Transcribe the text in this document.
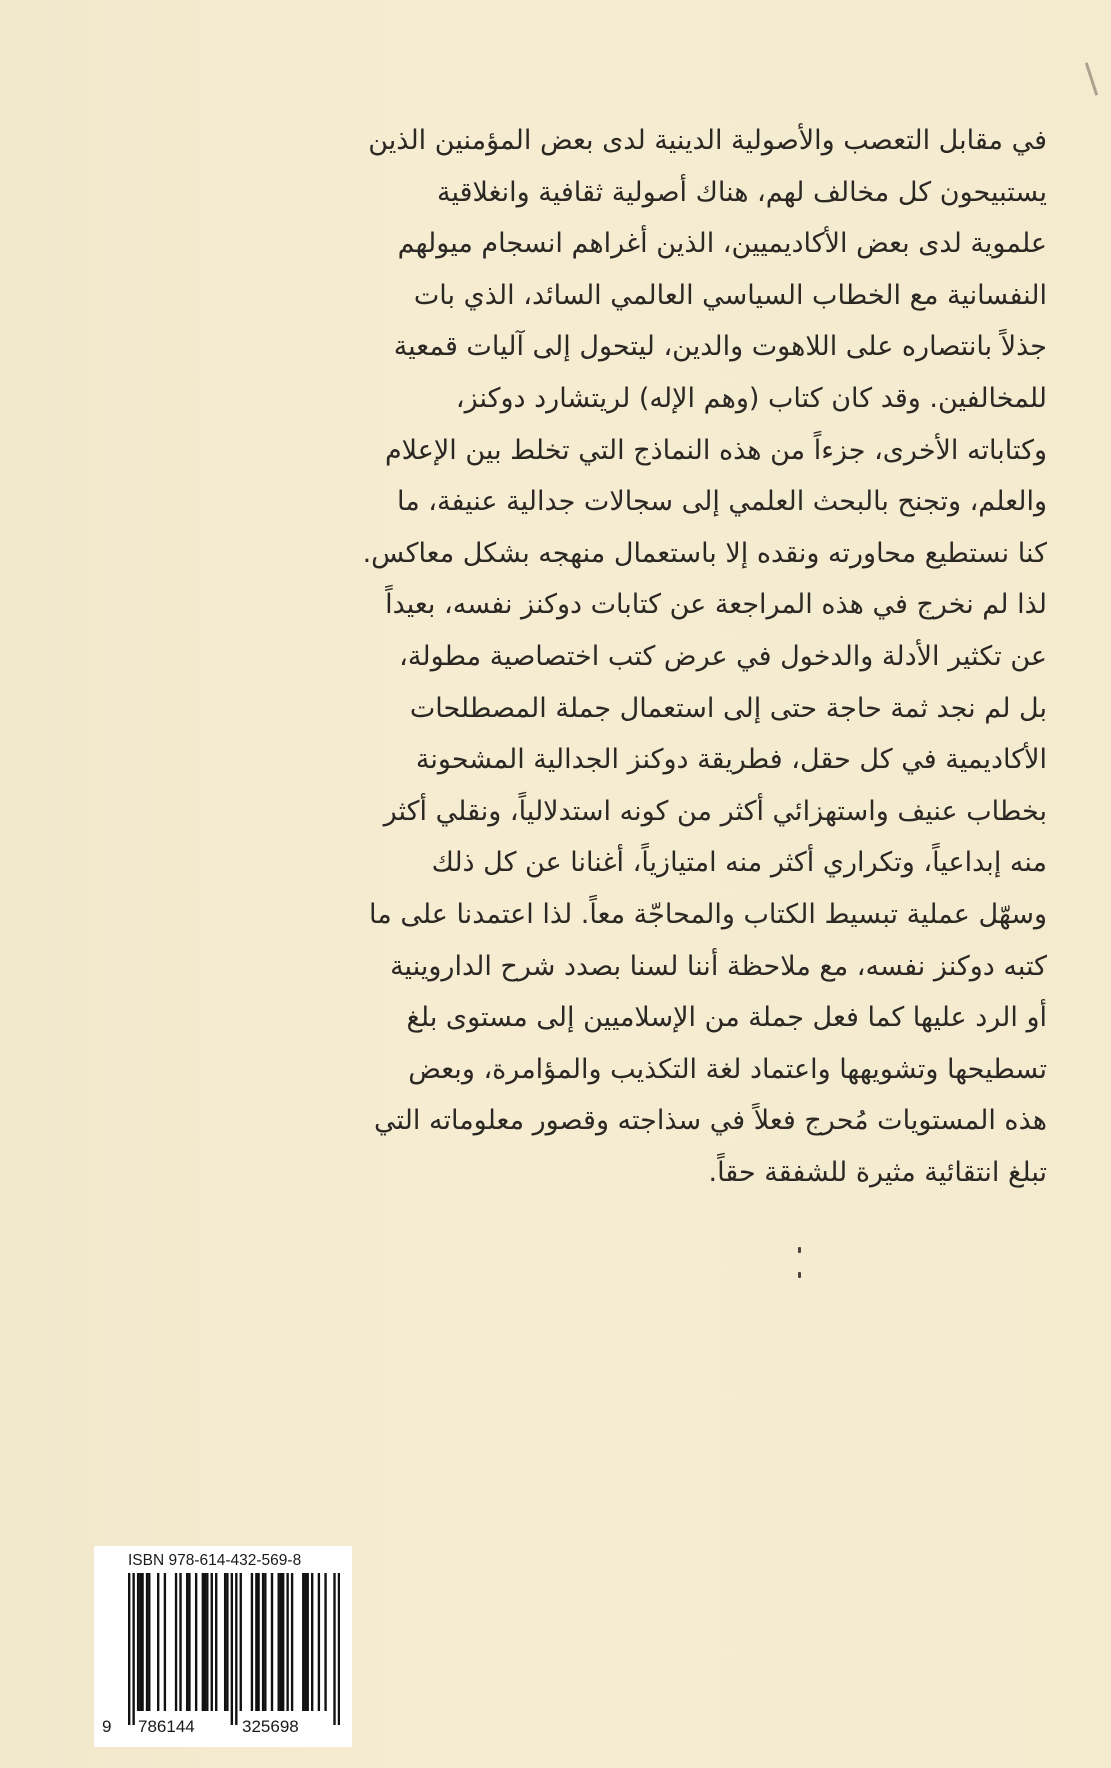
في مقابل التعصب والأصولية الدينية لدى بعض المؤمنين الذين
يستبيحون كل مخالف لهم، هناك أصولية ثقافية وانغلاقية
علموية لدى بعض الأكاديميين، الذين أغراهم انسجام ميولهم
النفسانية مع الخطاب السياسي العالمي السائد، الذي بات
جذلاً بانتصاره على اللاهوت والدين، ليتحول إلى آليات قمعية
للمخالفين. وقد كان كتاب (وهم الإله) لريتشارد دوكنز،
وكتاباته الأخرى، جزءاً من هذه النماذج التي تخلط بين الإعلام
والعلم، وتجنح بالبحث العلمي إلى سجالات جدالية عنيفة، ما
كنا نستطيع محاورته ونقده إلا باستعمال منهجه بشكل معاكس.
لذا لم نخرج في هذه المراجعة عن كتابات دوكنز نفسه، بعيداً
عن تكثير الأدلة والدخول في عرض كتب اختصاصية مطولة،
بل لم نجد ثمة حاجة حتى إلى استعمال جملة المصطلحات
الأكاديمية في كل حقل، فطريقة دوكنز الجدالية المشحونة
بخطاب عنيف واستهزائي أكثر من كونه استدلالياً، ونقلي أكثر
منه إبداعياً، وتكراري أكثر منه امتيازياً، أغنانا عن كل ذلك
وسهّل عملية تبسيط الكتاب والمحاجّة معاً. لذا اعتمدنا على ما
كتبه دوكنز نفسه، مع ملاحظة أننا لسنا بصدد شرح الداروينية
أو الرد عليها كما فعل جملة من الإسلاميين إلى مستوى بلغ
تسطيحها وتشويهها واعتماد لغة التكذيب والمؤامرة، وبعض
هذه المستويات مُحرج فعلاً في سذاجته وقصور معلوماته التي
تبلغ انتقائية مثيرة للشفقة حقاً.
ISBN 978-614-432-569-8
9 786144	325698
